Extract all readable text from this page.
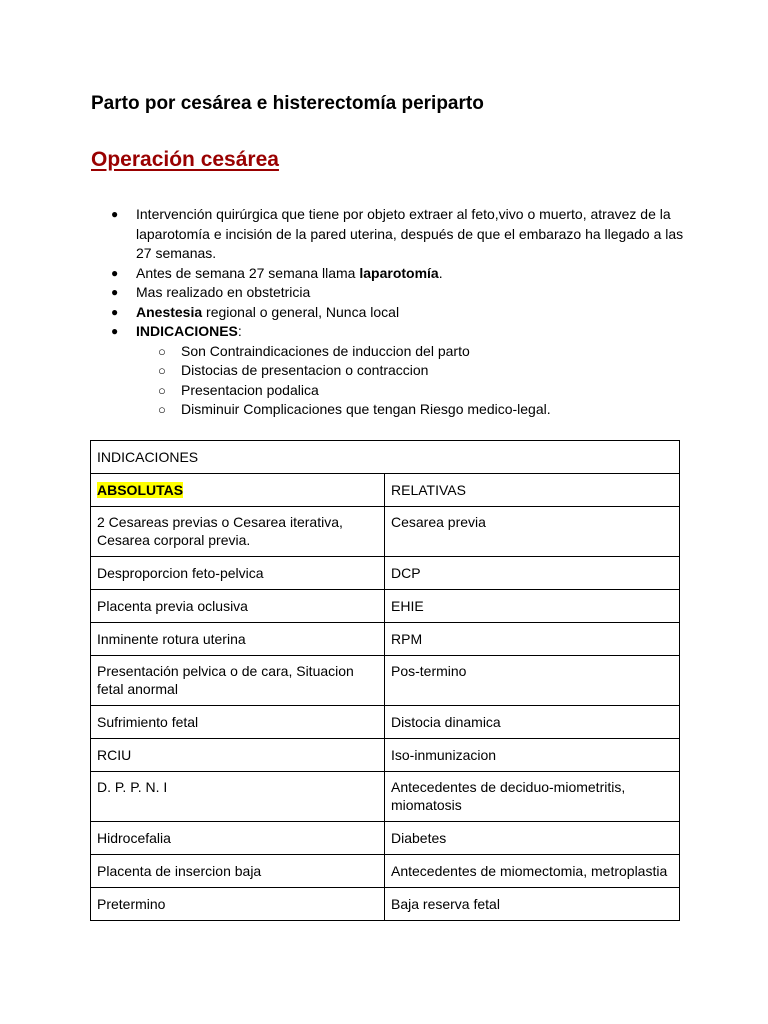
Parto por cesárea e histerectomía periparto
Operación cesárea
● Intervención quirúrgica que tiene por objeto extraer al feto,vivo o muerto, atravez de la laparotomía e incisión de la pared uterina, después de que el embarazo ha llegado a las 27 semanas.
● Antes de semana 27 semana llama laparotomía.
● Mas realizado en obstetricia
● Anestesia regional o general, Nunca local
● INDICACIONES:
○ Son Contraindicaciones de induccion del parto
○ Distocias de presentacion o contraccion
○ Presentacion podalica
○ Disminuir Complicaciones que tengan Riesgo medico-legal.
INDICACIONES	
ABSOLUTAS	RELATIVAS
2 Cesareas previas o Cesarea iterativa, Cesarea corporal previa.	Cesarea previa
Desproporcion feto-pelvica	DCP
Placenta previa oclusiva	EHIE
Inminente rotura uterina	RPM
Presentación pelvica o de cara, Situacion fetal anormal	Pos-termino
Sufrimiento fetal	Distocia dinamica
RCIU	Iso-inmunizacion
D. P. P. N. I	Antecedentes de deciduo-miometritis, miomatosis
Hidrocefalia	Diabetes
Placenta de insercion baja	Antecedentes de miomectomia, metroplastia
Pretermino	Baja reserva fetal
